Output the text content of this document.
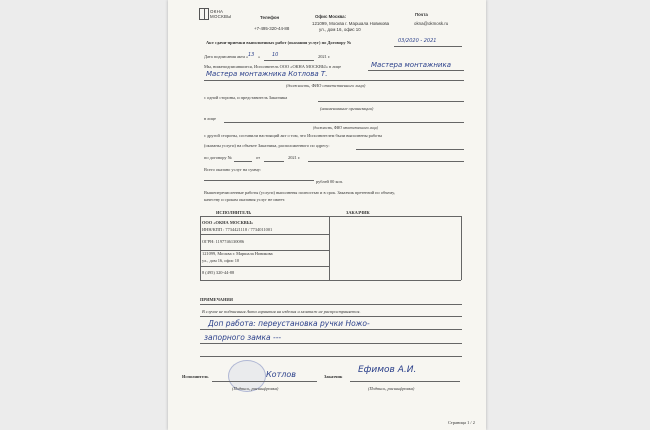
ОКНА
МОСКВЫ	Телефон
+7-495-320-44-88
Офис Москва:
121099, Москва г. Маршала Новикова
ул., дом 16, офис 10
Почта
okna@okmosk.ru
Акт сдачи-приемки выполненных работ (оказания услуг) по Договору №	03/2020 - 2021
Дата подписания акта « 13 » 10	2021 г.
Мы, нижеподписавшиеся, Исполнитель ООО «ОКНА МОСКВЫ» в лице	Мастера монтажника
Мастера монтажника Котлова Т.
(должность, ФИО ответственного лица)
с одной стороны, и представитель Заказчика
(наименование организации)
в лице
(должность, ФИО ответственного лица)
с другой стороны, составили настоящий акт о том, что Исполнителем были выполнены работы
(оказаны услуги) на объекте Заказчика, расположенного по адресу:
по договору №	от	2021 г.
Всего оказано услуг на сумму:
рублей 00 коп.
Вышеперечисленные работы (услуги) выполнены полностью и в срок. Заказчик претензий по объему,
качеству и срокам оказания услуг не имеет.
ИСПОЛНИТЕЛЬ	ЗАКАЗЧИК
ООО «ОКНА МОСКВЫ»
ИНН/КПП : 7734421118 / 7734011001
ОГРН: 1197746130086
121099, Москва г. Маршала Новикова
ул., дом 16, офис 10
8 (495) 320-44-88
ПРИМЕЧАНИЯ
В случае не подписания Акта гарантия на изделия и монтаж не распространяется.
Доп работа: переустановка ручки Ножо-
запорного замка ---
Исполнитель	Котлов
(Подпись, расшифровка)
Заказчик
Ефимов А.И.
(Подпись, расшифровка)
Страница 1 / 2
